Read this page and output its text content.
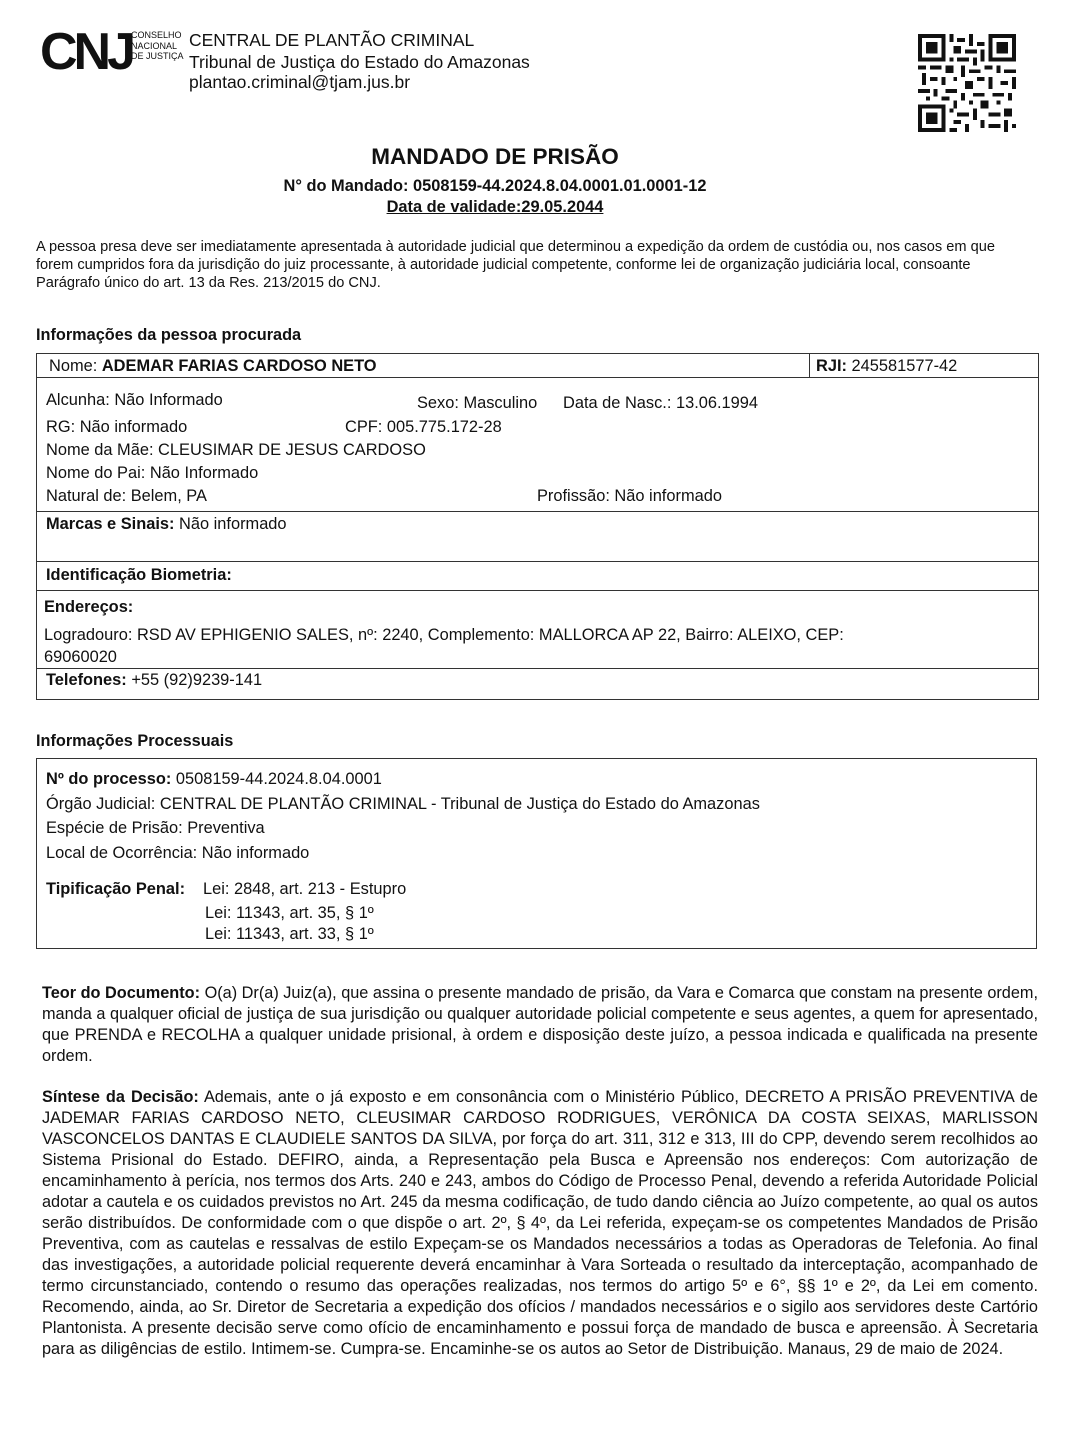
CNJ
CONSELHO
NACIONAL
DE JUSTIÇA
CENTRAL DE PLANTÃO CRIMINAL
Tribunal de Justiça do Estado do Amazonas
plantao.criminal@tjam.jus.br
MANDADO DE PRISÃO
N° do Mandado: 0508159-44.2024.8.04.0001.01.0001-12
Data de validade:29.05.2044
A pessoa presa deve ser imediatamente apresentada à autoridade judicial que determinou a expedição da ordem de custódia ou, nos casos em que forem cumpridos fora da jurisdição do juiz processante, à autoridade judicial competente, conforme lei de organização judiciária local, consoante Parágrafo único do art. 13 da Res. 213/2015 do CNJ.
Informações da pessoa procurada
Nome: ADEMAR FARIAS CARDOSO NETO	RJI: 245581577-42
Alcunha: Não Informado	Sexo: Masculino Data de Nasc.: 13.06.1994
RG: Não informado	CPF: 005.775.172-28
Nome da Mãe: CLEUSIMAR DE JESUS CARDOSO
Nome do Pai: Não Informado
Natural de: Belem, PA	Profissão: Não informado
Marcas e Sinais: Não informado
Identificação Biometria:
Endereços:
Logradouro: RSD AV EPHIGENIO SALES, nº: 2240, Complemento: MALLORCA AP 22, Bairro: ALEIXO, CEP:
69060020
Telefones: +55 (92)9239-141
Informações Processuais
Nº do processo: 0508159-44.2024.8.04.0001
Órgão Judicial: CENTRAL DE PLANTÃO CRIMINAL - Tribunal de Justiça do Estado do Amazonas
Espécie de Prisão: Preventiva
Local de Ocorrência: Não informado
Tipificação Penal: Lei: 2848, art. 213 - Estupro
Lei: 11343, art. 35, § 1º
Lei: 11343, art. 33, § 1º
Teor do Documento: O(a) Dr(a) Juiz(a), que assina o presente mandado de prisão, da Vara e Comarca que constam na presente ordem, manda a qualquer oficial de justiça de sua jurisdição ou qualquer autoridade policial competente e seus agentes, a quem for apresentado, que PRENDA e RECOLHA a qualquer unidade prisional, à ordem e disposição deste juízo, a pessoa indicada e qualificada na presente ordem.
Síntese da Decisão: Ademais, ante o já exposto e em consonância com o Ministério Público, DECRETO A PRISÃO PREVENTIVA de JADEMAR FARIAS CARDOSO NETO, CLEUSIMAR CARDOSO RODRIGUES, VERÔNICA DA COSTA SEIXAS, MARLISSON VASCONCELOS DANTAS E CLAUDIELE SANTOS DA SILVA, por força do art. 311, 312 e 313, III do CPP, devendo serem recolhidos ao Sistema Prisional do Estado. DEFIRO, ainda, a Representação pela Busca e Apreensão nos endereços: Com autorização de encaminhamento à perícia, nos termos dos Arts. 240 e 243, ambos do Código de Processo Penal, devendo a referida Autoridade Policial adotar a cautela e os cuidados previstos no Art. 245 da mesma codificação, de tudo dando ciência ao Juízo competente, ao qual os autos serão distribuídos. De conformidade com o que dispõe o art. 2º, § 4º, da Lei referida, expeçam-se os competentes Mandados de Prisão Preventiva, com as cautelas e ressalvas de estilo Expeçam-se os Mandados necessários a todas as Operadoras de Telefonia. Ao final das investigações, a autoridade policial requerente deverá encaminhar à Vara Sorteada o resultado da interceptação, acompanhado de termo circunstanciado, contendo o resumo das operações realizadas, nos termos do artigo 5º e 6°, §§ 1º e 2º, da Lei em comento. Recomendo, ainda, ao Sr. Diretor de Secretaria a expedição dos ofícios / mandados necessários e o sigilo aos servidores deste Cartório Plantonista. A presente decisão serve como ofício de encaminhamento e possui força de mandado de busca e apreensão. À Secretaria para as diligências de estilo. Intimem-se. Cumpra-se. Encaminhe-se os autos ao Setor de Distribuição. Manaus, 29 de maio de 2024.
